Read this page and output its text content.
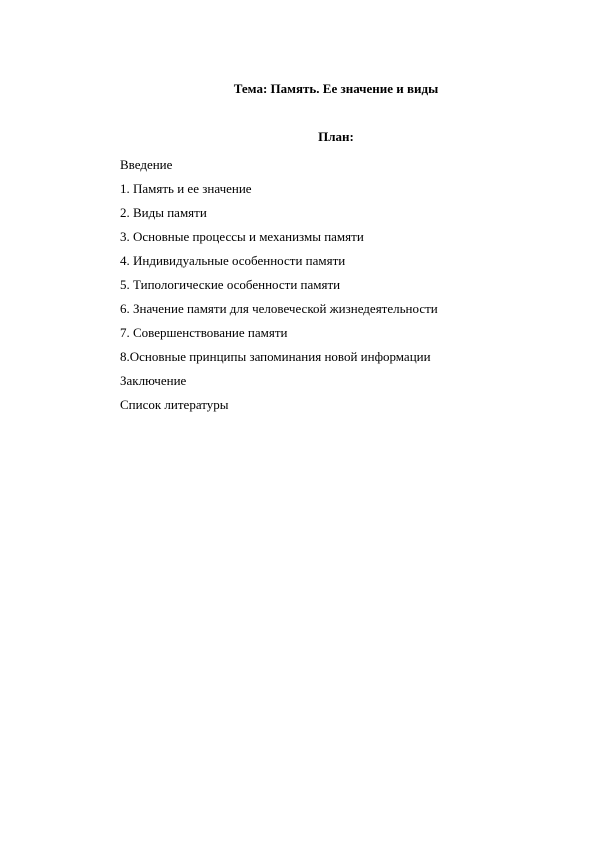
Тема: Память. Ее значение и виды
План:
Введение
1. Память и ее значение
2. Виды памяти
3. Основные процессы и механизмы памяти
4. Индивидуальные особенности памяти
5. Типологические особенности памяти
6. Значение памяти для человеческой жизнедеятельности
7. Совершенствование памяти
8.Основные принципы запоминания новой информации
Заключение
Список литературы
